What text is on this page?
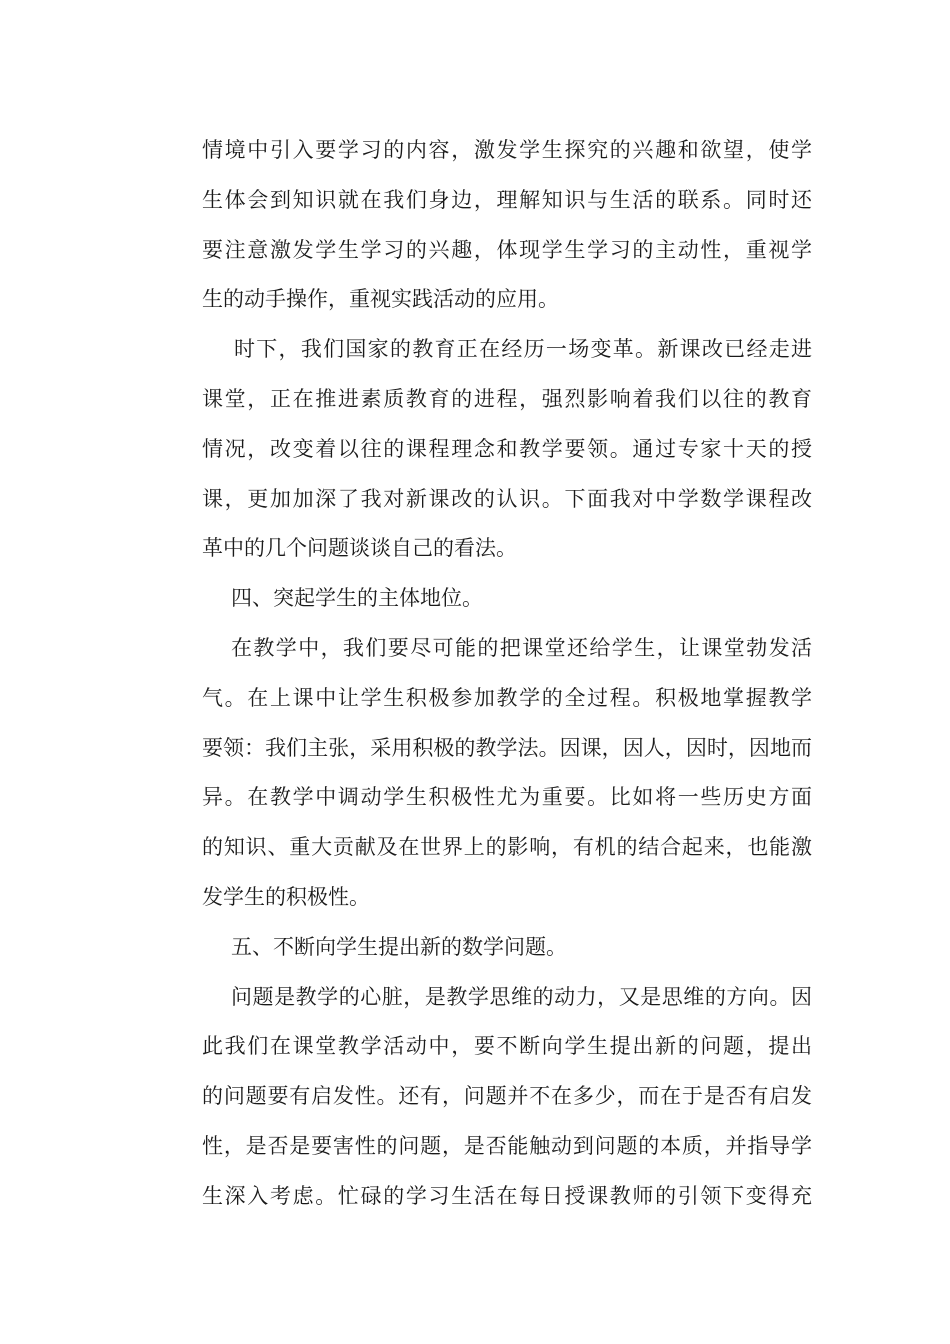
情境中引入要学习的内容，激发学生探究的兴趣和欲望，使学
生体会到知识就在我们身边，理解知识与生活的联系。同时还
要注意激发学生学习的兴趣，体现学生学习的主动性，重视学
生的动手操作，重视实践活动的应用。
时下，我们国家的教育正在经历一场变革。新课改已经走进
课堂，正在推进素质教育的进程，强烈影响着我们以往的教育
情况，改变着以往的课程理念和教学要领。通过专家十天的授
课，更加加深了我对新课改的认识。下面我对中学数学课程改
革中的几个问题谈谈自己的看法。
四、突起学生的主体地位。
在教学中，我们要尽可能的把课堂还给学生，让课堂勃发活
气。在上课中让学生积极参加教学的全过程。积极地掌握教学
要领：我们主张，采用积极的教学法。因课，因人，因时，因地而
异。在教学中调动学生积极性尤为重要。比如将一些历史方面
的知识、重大贡献及在世界上的影响，有机的结合起来，也能激
发学生的积极性。
五、不断向学生提出新的数学问题。
问题是教学的心脏，是教学思维的动力，又是思维的方向。因
此我们在课堂教学活动中，要不断向学生提出新的问题，提出
的问题要有启发性。还有，问题并不在多少，而在于是否有启发
性，是否是要害性的问题，是否能触动到问题的本质，并指导学
生深入考虑。忙碌的学习生活在每日授课教师的引领下变得充
